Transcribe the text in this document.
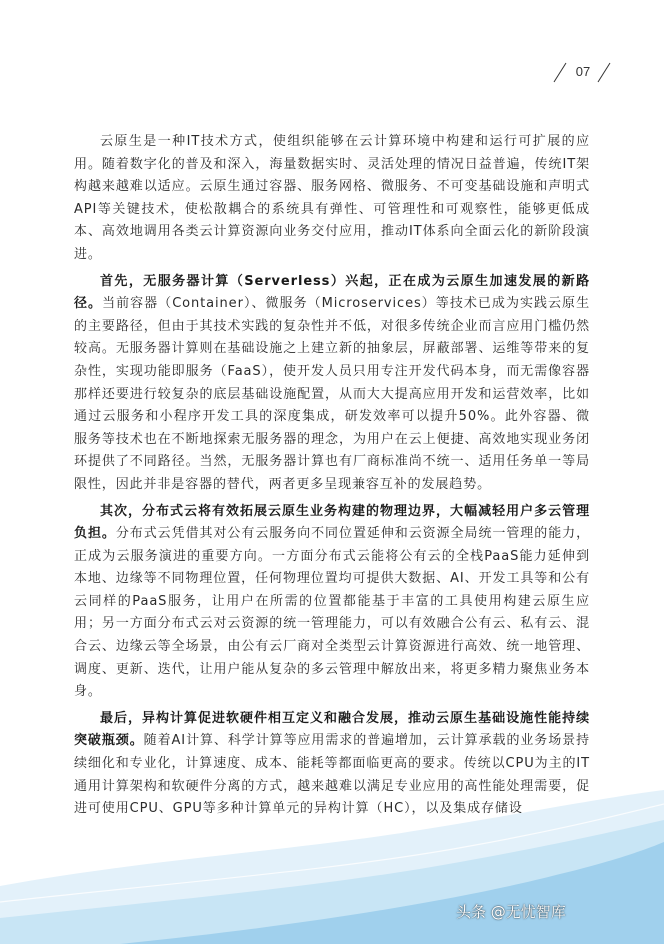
07

云原生是一种IT技术方式，使组织能够在云计算环境中构建和运行可扩展的应用。随着数字化的普及和深入，海量数据实时、灵活处理的情况日益普遍，传统IT架构越来越难以适应。云原生通过容器、服务网格、微服务、不可变基础设施和声明式API等关键技术，使松散耦合的系统具有弹性、可管理性和可观察性，能够更低成本、高效地调用各类云计算资源向业务交付应用，推动IT体系向全面云化的新阶段演进。

首先，无服务器计算（Serverless）兴起，正在成为云原生加速发展的新路径。当前容器（Container）、微服务（Microservices）等技术已成为实践云原生的主要路径，但由于其技术实践的复杂性并不低，对很多传统企业而言应用门槛仍然较高。无服务器计算则在基础设施之上建立新的抽象层，屏蔽部署、运维等带来的复杂性，实现功能即服务（FaaS），使开发人员只用专注开发代码本身，而无需像容器那样还要进行较复杂的底层基础设施配置，从而大大提高应用开发和运营效率，比如通过云服务和小程序开发工具的深度集成，研发效率可以提升50%。此外容器、微服务等技术也在不断地探索无服务器的理念，为用户在云上便捷、高效地实现业务闭环提供了不同路径。当然，无服务器计算也有厂商标准尚不统一、适用任务单一等局限性，因此并非是容器的替代，两者更多呈现兼容互补的发展趋势。

其次，分布式云将有效拓展云原生业务构建的物理边界，大幅减轻用户多云管理负担。分布式云凭借其对公有云服务向不同位置延伸和云资源全局统一管理的能力，正成为云服务演进的重要方向。一方面分布式云能将公有云的全栈PaaS能力延伸到本地、边缘等不同物理位置，任何物理位置均可提供大数据、AI、开发工具等和公有云同样的PaaS服务，让用户在所需的位置都能基于丰富的工具使用构建云原生应用；另一方面分布式云对云资源的统一管理能力，可以有效融合公有云、私有云、混合云、边缘云等全场景，由公有云厂商对全类型云计算资源进行高效、统一地管理、调度、更新、迭代，让用户能从复杂的多云管理中解放出来，将更多精力聚焦业务本身。

最后，异构计算促进软硬件相互定义和融合发展，推动云原生基础设施性能持续突破瓶颈。随着AI计算、科学计算等应用需求的普遍增加，云计算承载的业务场景持续细化和专业化，计算速度、成本、能耗等都面临更高的要求。传统以CPU为主的IT通用计算架构和软硬件分离的方式，越来越难以满足专业应用的高性能处理需要，促进可使用CPU、GPU等多种计算单元的异构计算（HC），以及集成存储设

头条 @无忧智库
